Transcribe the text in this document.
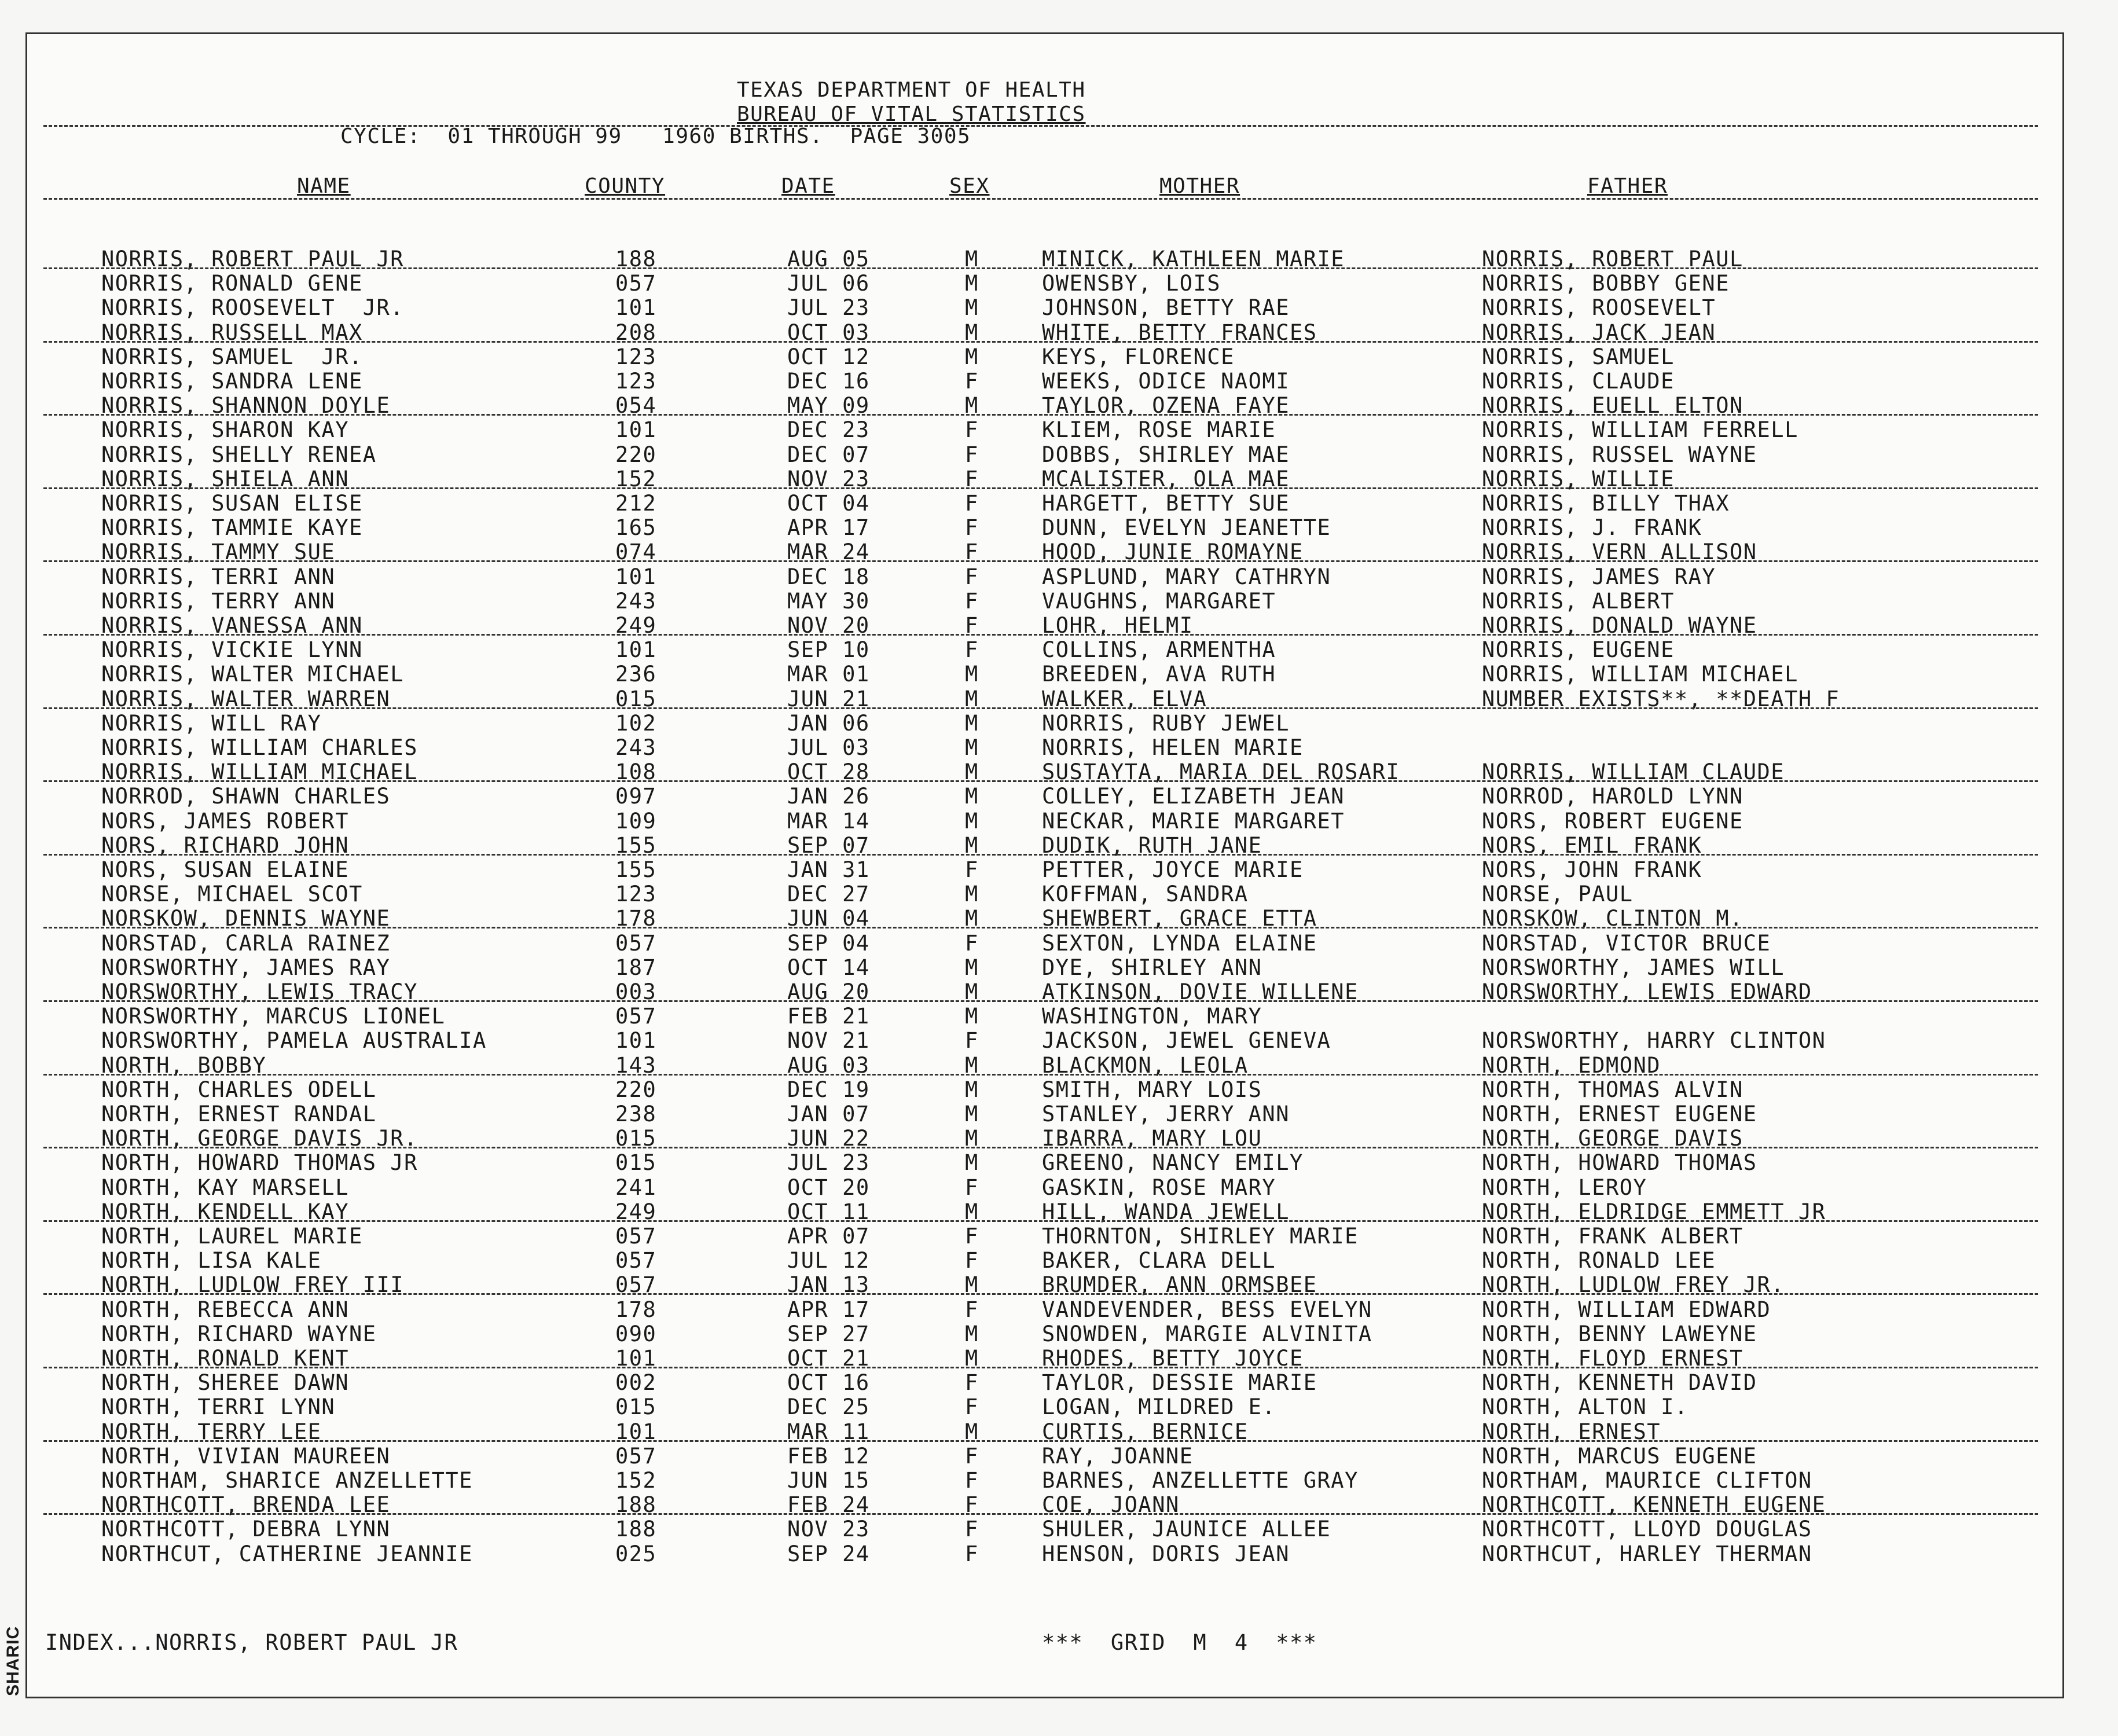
TEXAS DEPARTMENT OF HEALTH
BUREAU OF VITAL STATISTICS
CYCLE:  01 THROUGH 99   1960 BIRTHS.  PAGE 3005
NAME	COUNTY	DATE	SEX	MOTHER	FATHER
NORRIS, ROBERT PAUL JR	188	AUG 05	M	MINICK, KATHLEEN MARIE	NORRIS, ROBERT PAUL
NORRIS, RONALD GENE	057	JUL 06	M	OWENSBY, LOIS	NORRIS, BOBBY GENE
NORRIS, ROOSEVELT  JR.	101	JUL 23	M	JOHNSON, BETTY RAE	NORRIS, ROOSEVELT
NORRIS, RUSSELL MAX	208	OCT 03	M	WHITE, BETTY FRANCES	NORRIS, JACK JEAN
NORRIS, SAMUEL  JR.	123	OCT 12	M	KEYS, FLORENCE	NORRIS, SAMUEL
NORRIS, SANDRA LENE	123	DEC 16	F	WEEKS, ODICE NAOMI	NORRIS, CLAUDE
NORRIS, SHANNON DOYLE	054	MAY 09	M	TAYLOR, OZENA FAYE	NORRIS, EUELL ELTON
NORRIS, SHARON KAY	101	DEC 23	F	KLIEM, ROSE MARIE	NORRIS, WILLIAM FERRELL
NORRIS, SHELLY RENEA	220	DEC 07	F	DOBBS, SHIRLEY MAE	NORRIS, RUSSEL WAYNE
NORRIS, SHIELA ANN	152	NOV 23	F	MCALISTER, OLA MAE	NORRIS, WILLIE
NORRIS, SUSAN ELISE	212	OCT 04	F	HARGETT, BETTY SUE	NORRIS, BILLY THAX
NORRIS, TAMMIE KAYE	165	APR 17	F	DUNN, EVELYN JEANETTE	NORRIS, J. FRANK
NORRIS, TAMMY SUE	074	MAR 24	F	HOOD, JUNIE ROMAYNE	NORRIS, VERN ALLISON
NORRIS, TERRI ANN	101	DEC 18	F	ASPLUND, MARY CATHRYN	NORRIS, JAMES RAY
NORRIS, TERRY ANN	243	MAY 30	F	VAUGHNS, MARGARET	NORRIS, ALBERT
NORRIS, VANESSA ANN	249	NOV 20	F	LOHR, HELMI	NORRIS, DONALD WAYNE
NORRIS, VICKIE LYNN	101	SEP 10	F	COLLINS, ARMENTHA	NORRIS, EUGENE
NORRIS, WALTER MICHAEL	236	MAR 01	M	BREEDEN, AVA RUTH	NORRIS, WILLIAM MICHAEL
NORRIS, WALTER WARREN	015	JUN 21	M	WALKER, ELVA	NUMBER EXISTS**, **DEATH F
NORRIS, WILL RAY	102	JAN 06	M	NORRIS, RUBY JEWEL
NORRIS, WILLIAM CHARLES	243	JUL 03	M	NORRIS, HELEN MARIE
NORRIS, WILLIAM MICHAEL	108	OCT 28	M	SUSTAYTA, MARIA DEL ROSARI	NORRIS, WILLIAM CLAUDE
NORROD, SHAWN CHARLES	097	JAN 26	M	COLLEY, ELIZABETH JEAN	NORROD, HAROLD LYNN
NORS, JAMES ROBERT	109	MAR 14	M	NECKAR, MARIE MARGARET	NORS, ROBERT EUGENE
NORS, RICHARD JOHN	155	SEP 07	M	DUDIK, RUTH JANE	NORS, EMIL FRANK
NORS, SUSAN ELAINE	155	JAN 31	F	PETTER, JOYCE MARIE	NORS, JOHN FRANK
NORSE, MICHAEL SCOT	123	DEC 27	M	KOFFMAN, SANDRA	NORSE, PAUL
NORSKOW, DENNIS WAYNE	178	JUN 04	M	SHEWBERT, GRACE ETTA	NORSKOW, CLINTON M.
NORSTAD, CARLA RAINEZ	057	SEP 04	F	SEXTON, LYNDA ELAINE	NORSTAD, VICTOR BRUCE
NORSWORTHY, JAMES RAY	187	OCT 14	M	DYE, SHIRLEY ANN	NORSWORTHY, JAMES WILL
NORSWORTHY, LEWIS TRACY	003	AUG 20	M	ATKINSON, DOVIE WILLENE	NORSWORTHY, LEWIS EDWARD
NORSWORTHY, MARCUS LIONEL	057	FEB 21	M	WASHINGTON, MARY
NORSWORTHY, PAMELA AUSTRALIA	101	NOV 21	F	JACKSON, JEWEL GENEVA	NORSWORTHY, HARRY CLINTON
NORTH, BOBBY	143	AUG 03	M	BLACKMON, LEOLA	NORTH, EDMOND
NORTH, CHARLES ODELL	220	DEC 19	M	SMITH, MARY LOIS	NORTH, THOMAS ALVIN
NORTH, ERNEST RANDAL	238	JAN 07	M	STANLEY, JERRY ANN	NORTH, ERNEST EUGENE
NORTH, GEORGE DAVIS JR.	015	JUN 22	M	IBARRA, MARY LOU	NORTH, GEORGE DAVIS
NORTH, HOWARD THOMAS JR	015	JUL 23	M	GREENO, NANCY EMILY	NORTH, HOWARD THOMAS
NORTH, KAY MARSELL	241	OCT 20	F	GASKIN, ROSE MARY	NORTH, LEROY
NORTH, KENDELL KAY	249	OCT 11	M	HILL, WANDA JEWELL	NORTH, ELDRIDGE EMMETT JR
NORTH, LAUREL MARIE	057	APR 07	F	THORNTON, SHIRLEY MARIE	NORTH, FRANK ALBERT
NORTH, LISA KALE	057	JUL 12	F	BAKER, CLARA DELL	NORTH, RONALD LEE
NORTH, LUDLOW FREY III	057	JAN 13	M	BRUMDER, ANN ORMSBEE	NORTH, LUDLOW FREY JR.
NORTH, REBECCA ANN	178	APR 17	F	VANDEVENDER, BESS EVELYN	NORTH, WILLIAM EDWARD
NORTH, RICHARD WAYNE	090	SEP 27	M	SNOWDEN, MARGIE ALVINITA	NORTH, BENNY LAWEYNE
NORTH, RONALD KENT	101	OCT 21	M	RHODES, BETTY JOYCE	NORTH, FLOYD ERNEST
NORTH, SHEREE DAWN	002	OCT 16	F	TAYLOR, DESSIE MARIE	NORTH, KENNETH DAVID
NORTH, TERRI LYNN	015	DEC 25	F	LOGAN, MILDRED E.	NORTH, ALTON I.
NORTH, TERRY LEE	101	MAR 11	M	CURTIS, BERNICE	NORTH, ERNEST
NORTH, VIVIAN MAUREEN	057	FEB 12	F	RAY, JOANNE	NORTH, MARCUS EUGENE
NORTHAM, SHARICE ANZELLETTE	152	JUN 15	F	BARNES, ANZELLETTE GRAY	NORTHAM, MAURICE CLIFTON
NORTHCOTT, BRENDA LEE	188	FEB 24	F	COE, JOANN	NORTHCOTT, KENNETH EUGENE
NORTHCOTT, DEBRA LYNN	188	NOV 23	F	SHULER, JAUNICE ALLEE	NORTHCOTT, LLOYD DOUGLAS
NORTHCUT, CATHERINE JEANNIE	025	SEP 24	F	HENSON, DORIS JEAN	NORTHCUT, HARLEY THERMAN
INDEX...NORRIS, ROBERT PAUL JR	***  GRID  M  4  ***
SHARIC
